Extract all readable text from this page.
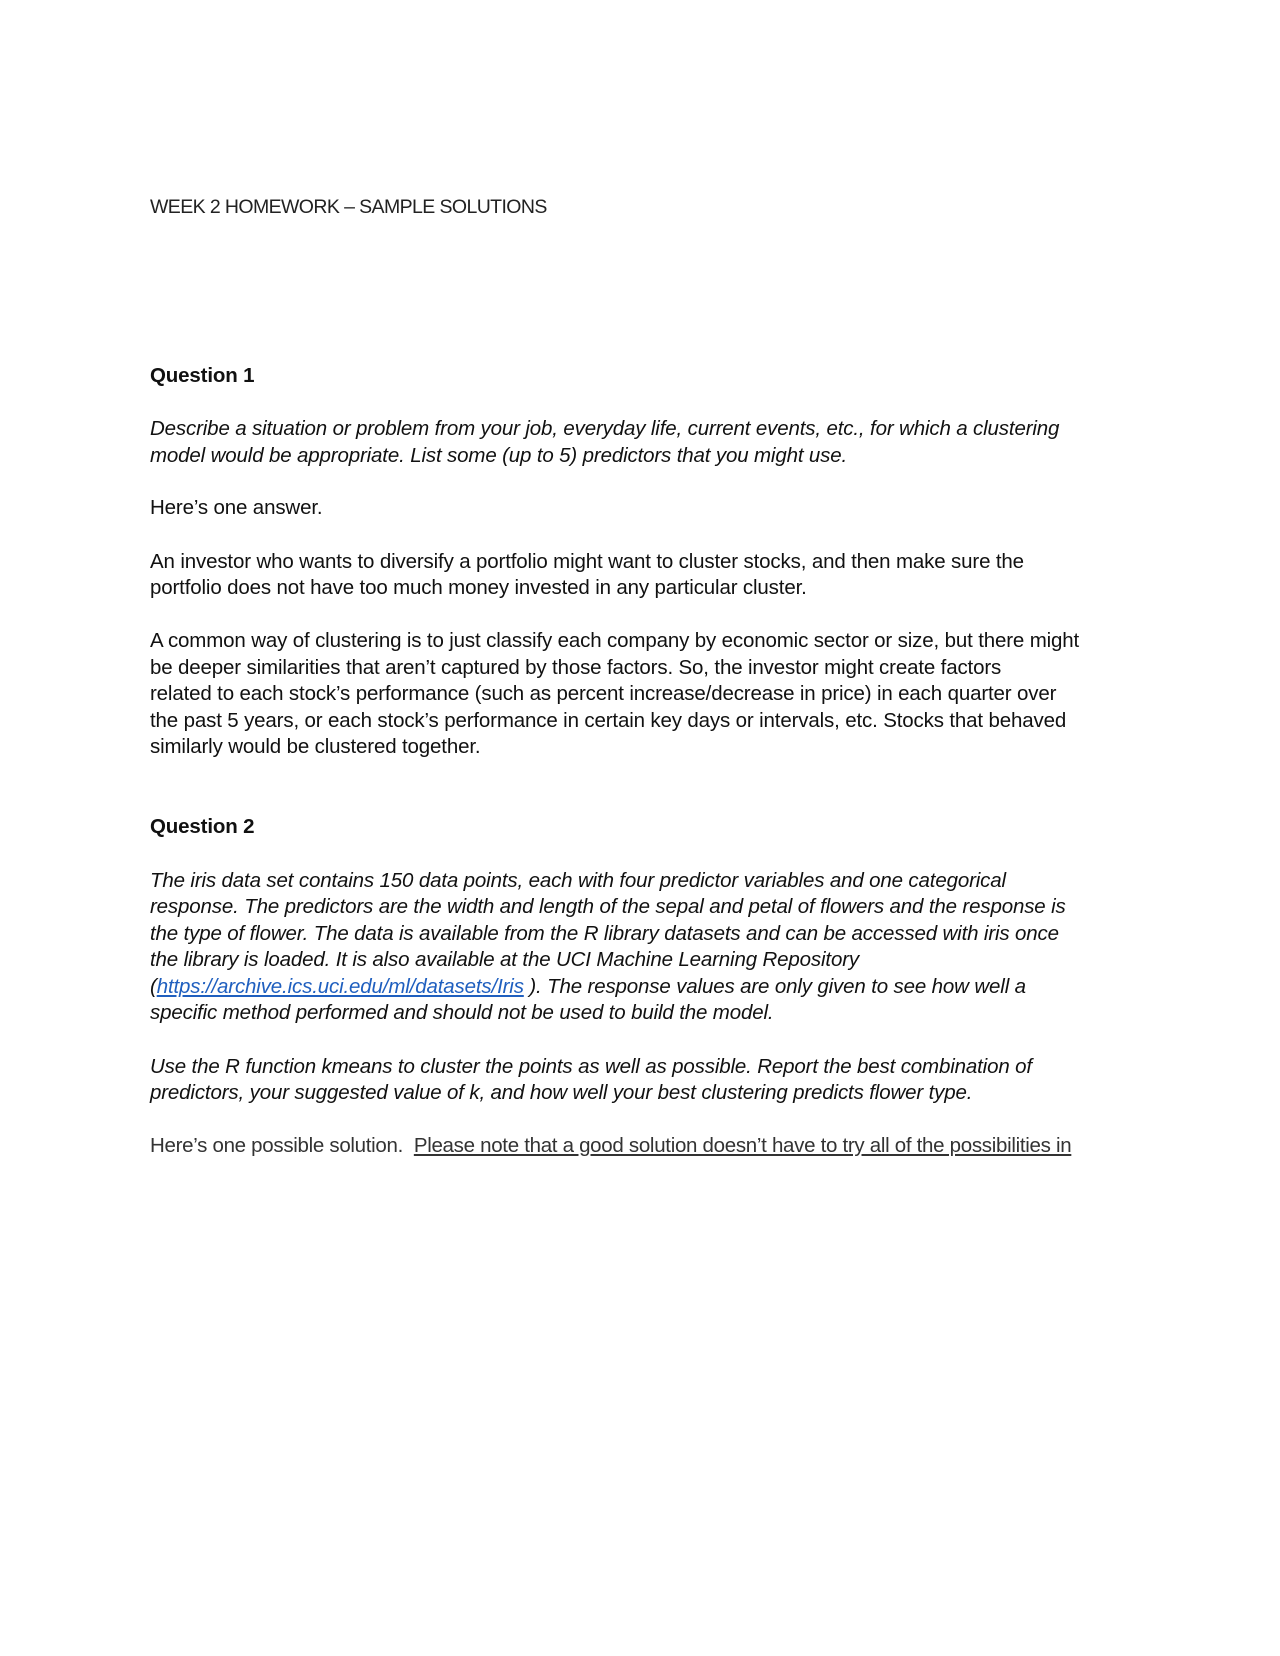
WEEK 2 HOMEWORK – SAMPLE SOLUTIONS
Question 1
Describe a situation or problem from your job, everyday life, current events, etc., for which a clustering
model would be appropriate. List some (up to 5) predictors that you might use.
Here’s one answer.
An investor who wants to diversify a portfolio might want to cluster stocks, and then make sure the
portfolio does not have too much money invested in any particular cluster.
A common way of clustering is to just classify each company by economic sector or size, but there might
be deeper similarities that aren’t captured by those factors. So, the investor might create factors
related to each stock’s performance (such as percent increase/decrease in price) in each quarter over
the past 5 years, or each stock’s performance in certain key days or intervals, etc. Stocks that behaved
similarly would be clustered together.
Question 2
The iris data set contains 150 data points, each with four predictor variables and one categorical
response. The predictors are the width and length of the sepal and petal of flowers and the response is
the type of flower. The data is available from the R library datasets and can be accessed with iris once
the library is loaded. It is also available at the UCI Machine Learning Repository
(https://archive.ics.uci.edu/ml/datasets/Iris ). The response values are only given to see how well a
specific method performed and should not be used to build the model.
Use the R function kmeans to cluster the points as well as possible. Report the best combination of
predictors, your suggested value of k, and how well your best clustering predicts flower type.
Here’s one possible solution. Please note that a good solution doesn’t have to try all of the possibilities in
